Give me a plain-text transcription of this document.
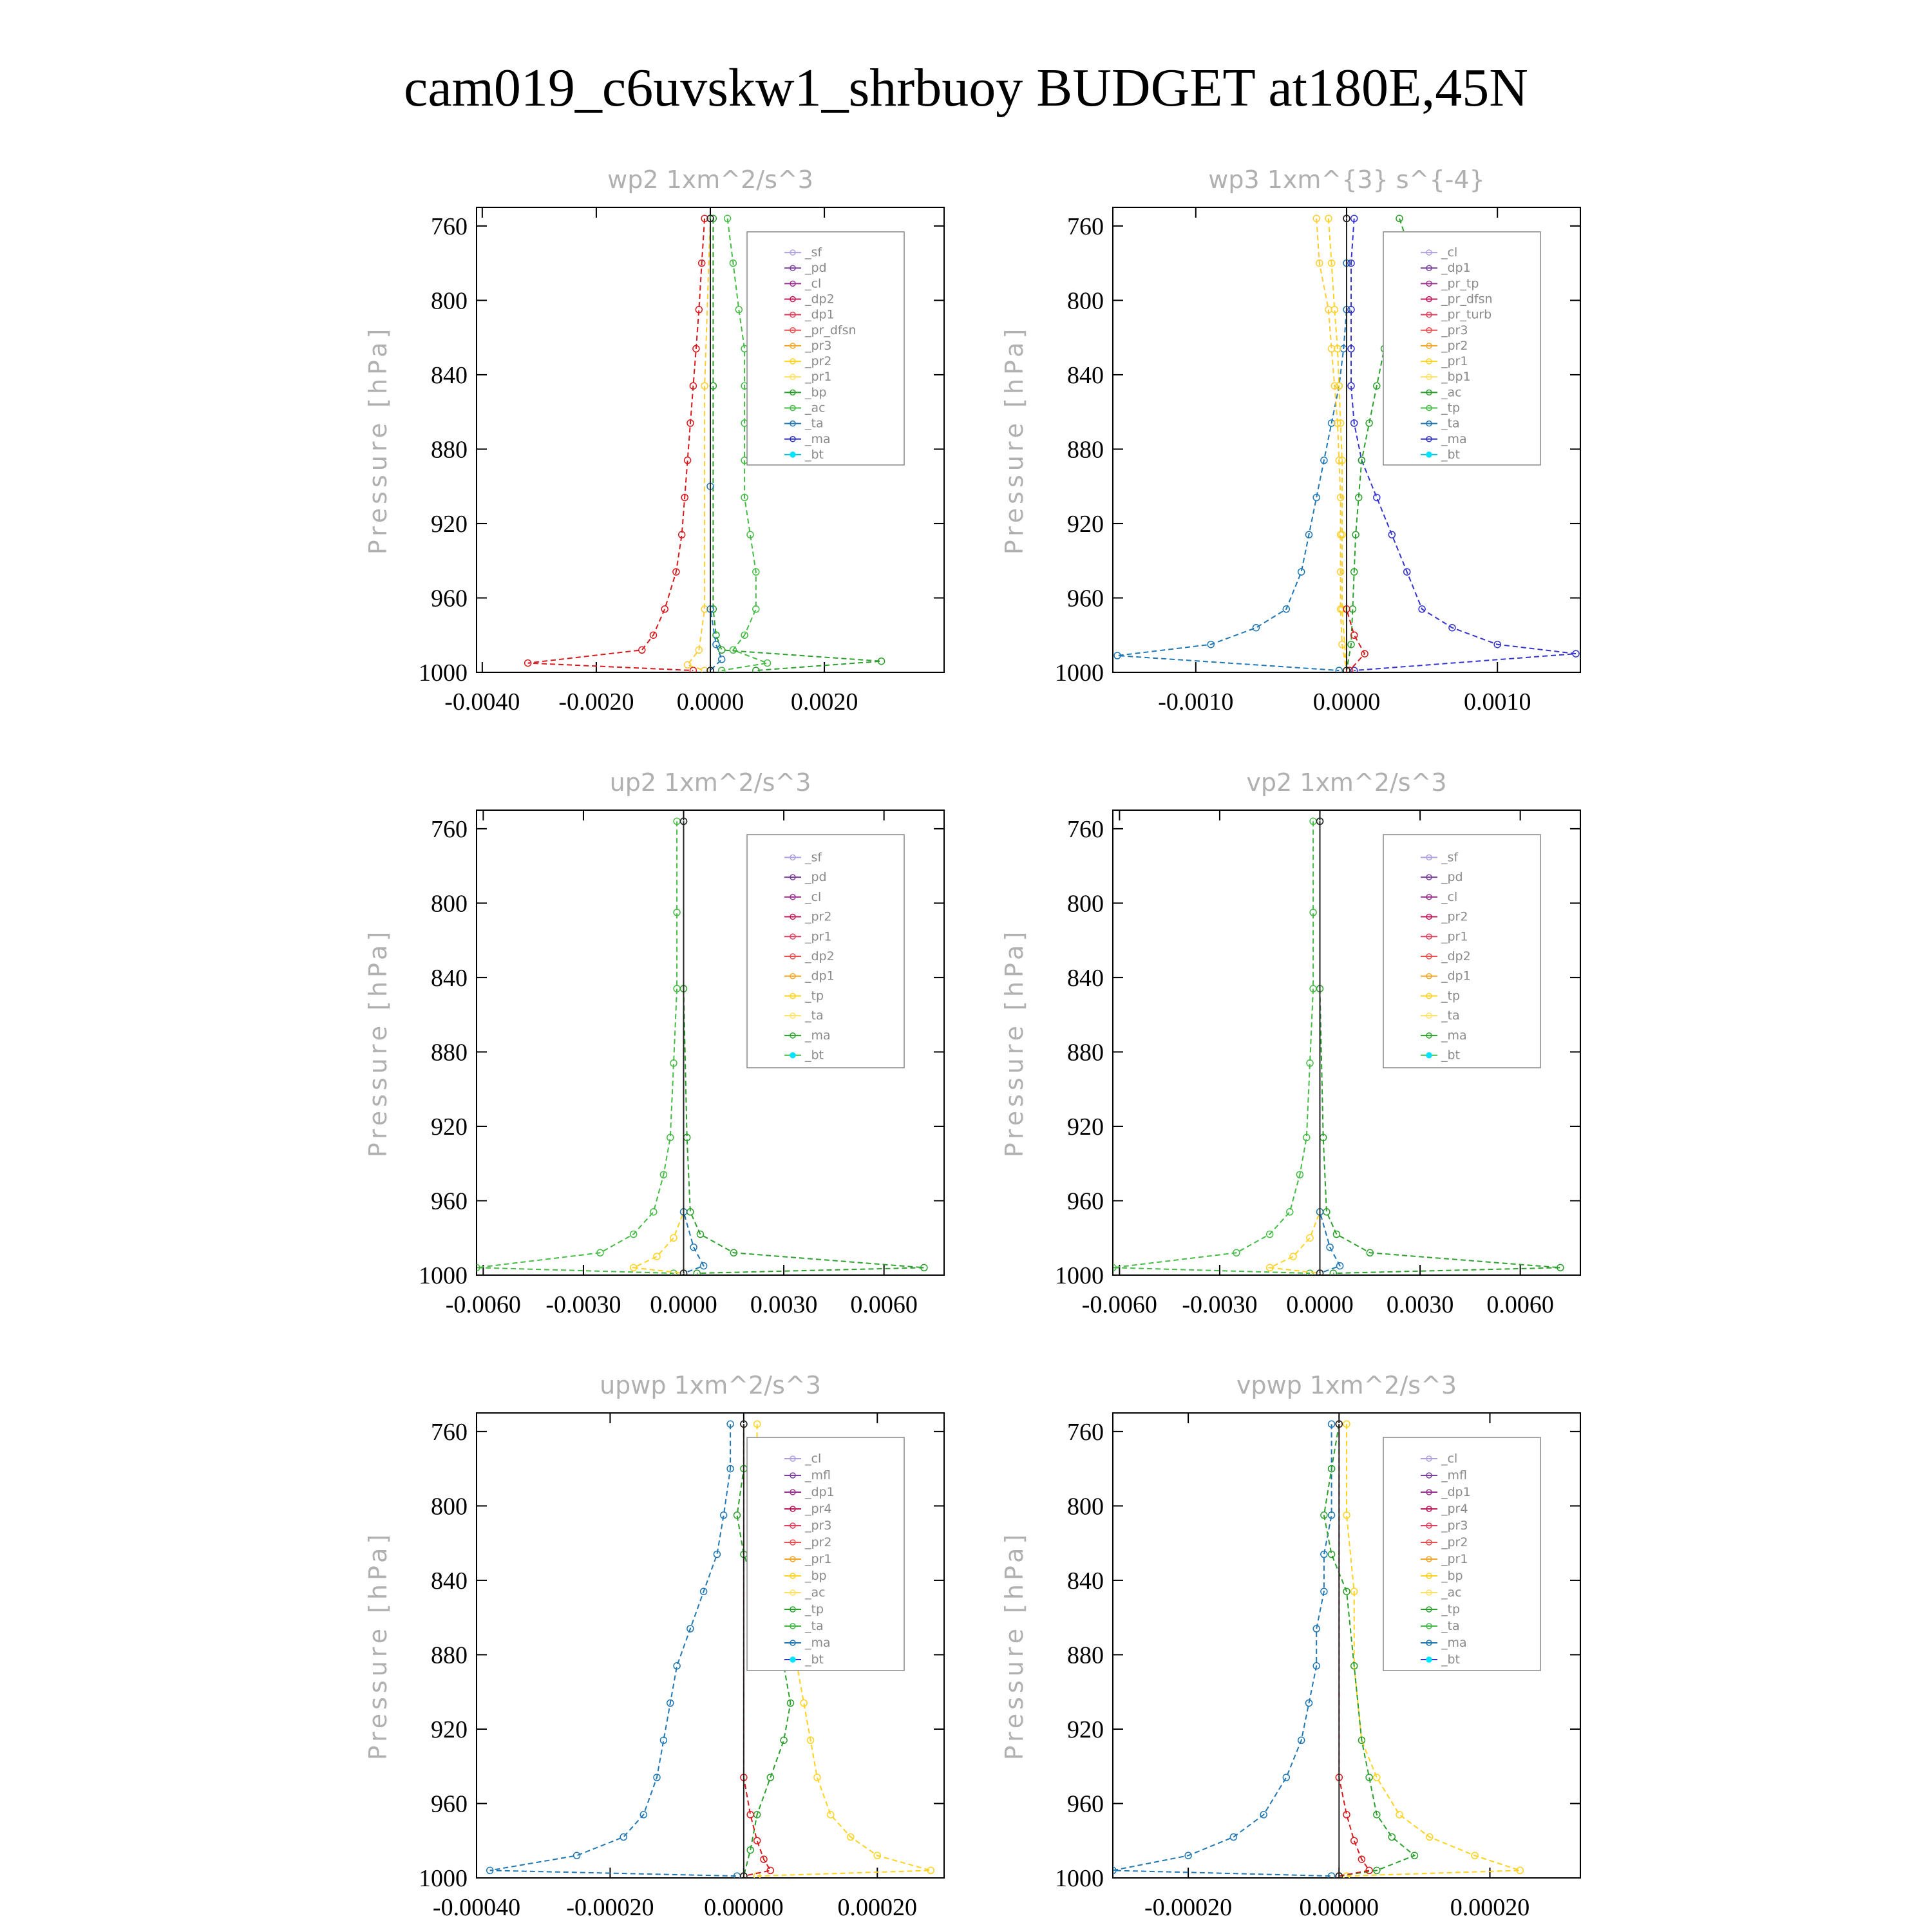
cam019_c6uvskw1_shrbuoy BUDGET at180E,45N
wp2 1xm^2/s^3
Pressure [hPa]
760
800
840
880
920
960
1000
-0.0040 -0.0020 0.0000 0.0020
_sf
_pd
_cl
_dp2
_dp1
_pr_dfsn
_pr3
_pr2
_pr1
_bp
_ac
_ta
_ma
_bt
wp3 1xm^{3} s^{-4}
Pressure [hPa]
760
800
840
880
920
960
1000
-0.0010	0.0000	0.0010
_cl
_dp1
_pr_tp
_pr_dfsn
_pr_turb
_pr3
_pr2
_pr1
_bp1
_ac
_tp
_ta
_ma
_bt
up2 1xm^2/s^3
Pressure [hPa]
760
800
840
880
920
960
1000
-0.0060 -0.0030 0.0000 0.0030 0.0060
_sf
_pd
_cl
_pr2
_pr1
_dp2
_dp1
_tp
_ta
_ma
_bt
vp2 1xm^2/s^3
Pressure [hPa]
760
800
840
880
920
960
1000
-0.0060 -0.0030 0.0000 0.0030 0.0060
_sf
_pd
_cl
_pr2
_pr1
_dp2
_dp1
_tp
_ta
_ma
_bt
upwp 1xm^2/s^3
Pressure [hPa]
760
800
840
880
920
960
1000
-0.00040 -0.00020 0.00000 0.00020
_cl
_mfl
_dp1
_pr4
_pr3
_pr2
_pr1
_bp
_ac
_tp
_ta
_ma
_bt
vpwp 1xm^2/s^3
Pressure [hPa]
760
800
840
880
920
960
1000
-0.00020	0.00000	0.00020
_cl
_mfl
_dp1
_pr4
_pr3
_pr2
_pr1
_bp
_ac
_tp
_ta
_ma
_bt
